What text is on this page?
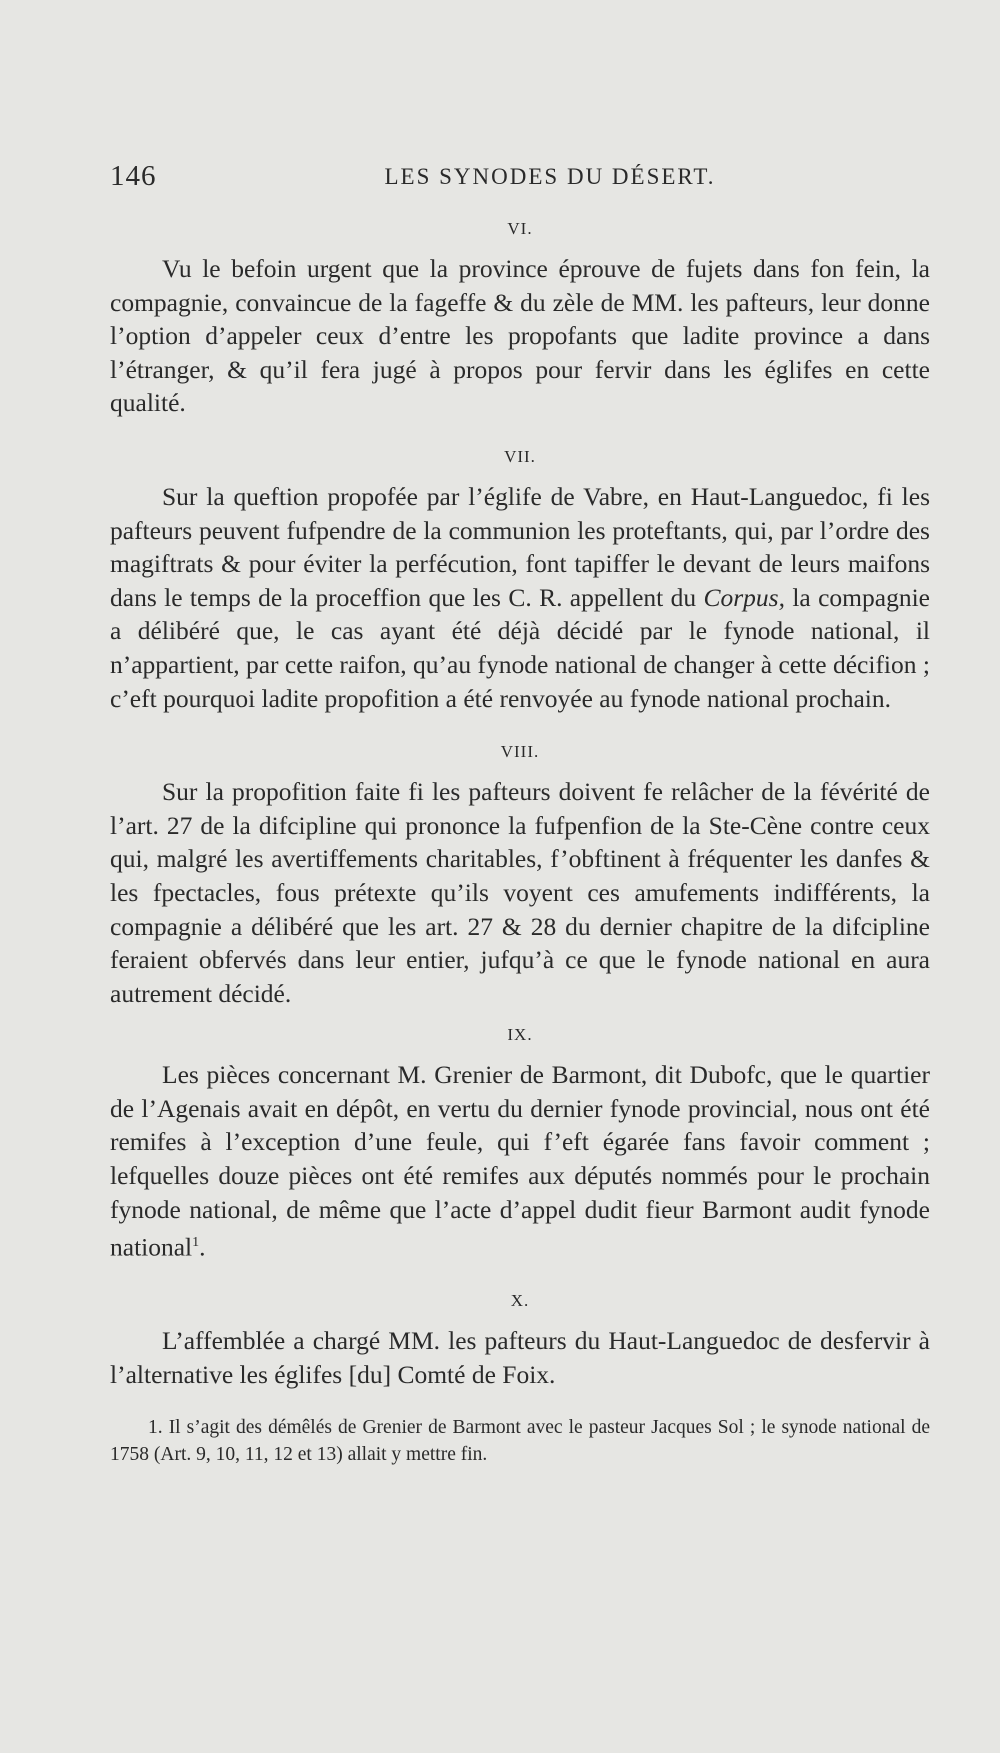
146	LES SYNODES DU DÉSERT.
VI.

Vu le befoin urgent que la province éprouve de fujets dans fon fein, la compagnie, convaincue de la fageffe & du zèle de MM. les pafteurs, leur donne l’option d’appeler ceux d’entre les propofants que ladite province a dans l’étranger, & qu’il fera jugé à propos pour fervir dans les églifes en cette qualité.

VII.

Sur la queftion propofée par l’églife de Vabre, en Haut-Languedoc, fi les pafteurs peuvent fufpendre de la communion les proteftants, qui, par l’ordre des magiftrats & pour éviter la perfécution, font tapiffer le devant de leurs maifons dans le temps de la proceffion que les C. R. appellent du Corpus, la compagnie a délibéré que, le cas ayant été déjà décidé par le fynode national, il n’appartient, par cette raifon, qu’au fynode national de changer à cette décifion ; c’eft pourquoi ladite propofition a été renvoyée au fynode national prochain.

VIII.

Sur la propofition faite fi les pafteurs doivent fe relâcher de la févérité de l’art. 27 de la difcipline qui prononce la fufpenfion de la Ste-Cène contre ceux qui, malgré les avertiffements charitables, f’obftinent à fréquenter les danfes & les fpectacles, fous prétexte qu’ils voyent ces amufements indifférents, la compagnie a délibéré que les art. 27 & 28 du dernier chapitre de la difcipline feraient obfervés dans leur entier, jufqu’à ce que le fynode national en aura autrement décidé.

IX.

Les pièces concernant M. Grenier de Barmont, dit Dubofc, que le quartier de l’Agenais avait en dépôt, en vertu du dernier fynode provincial, nous ont été remifes à l’exception d’une feule, qui f’eft égarée fans favoir comment ; lefquelles douze pièces ont été remifes aux députés nommés pour le prochain fynode national, de même que l’acte d’appel dudit fieur Barmont audit fynode national$^1$.

X.

L’affemblée a chargé MM. les pafteurs du Haut-Languedoc de desfervir à l’alternative les églifes [du] Comté de Foix.

1. Il s’agit des démêlés de Grenier de Barmont avec le pasteur Jacques Sol ; le synode national de 1758 (Art. 9, 10, 11, 12 et 13) allait y mettre fin.
